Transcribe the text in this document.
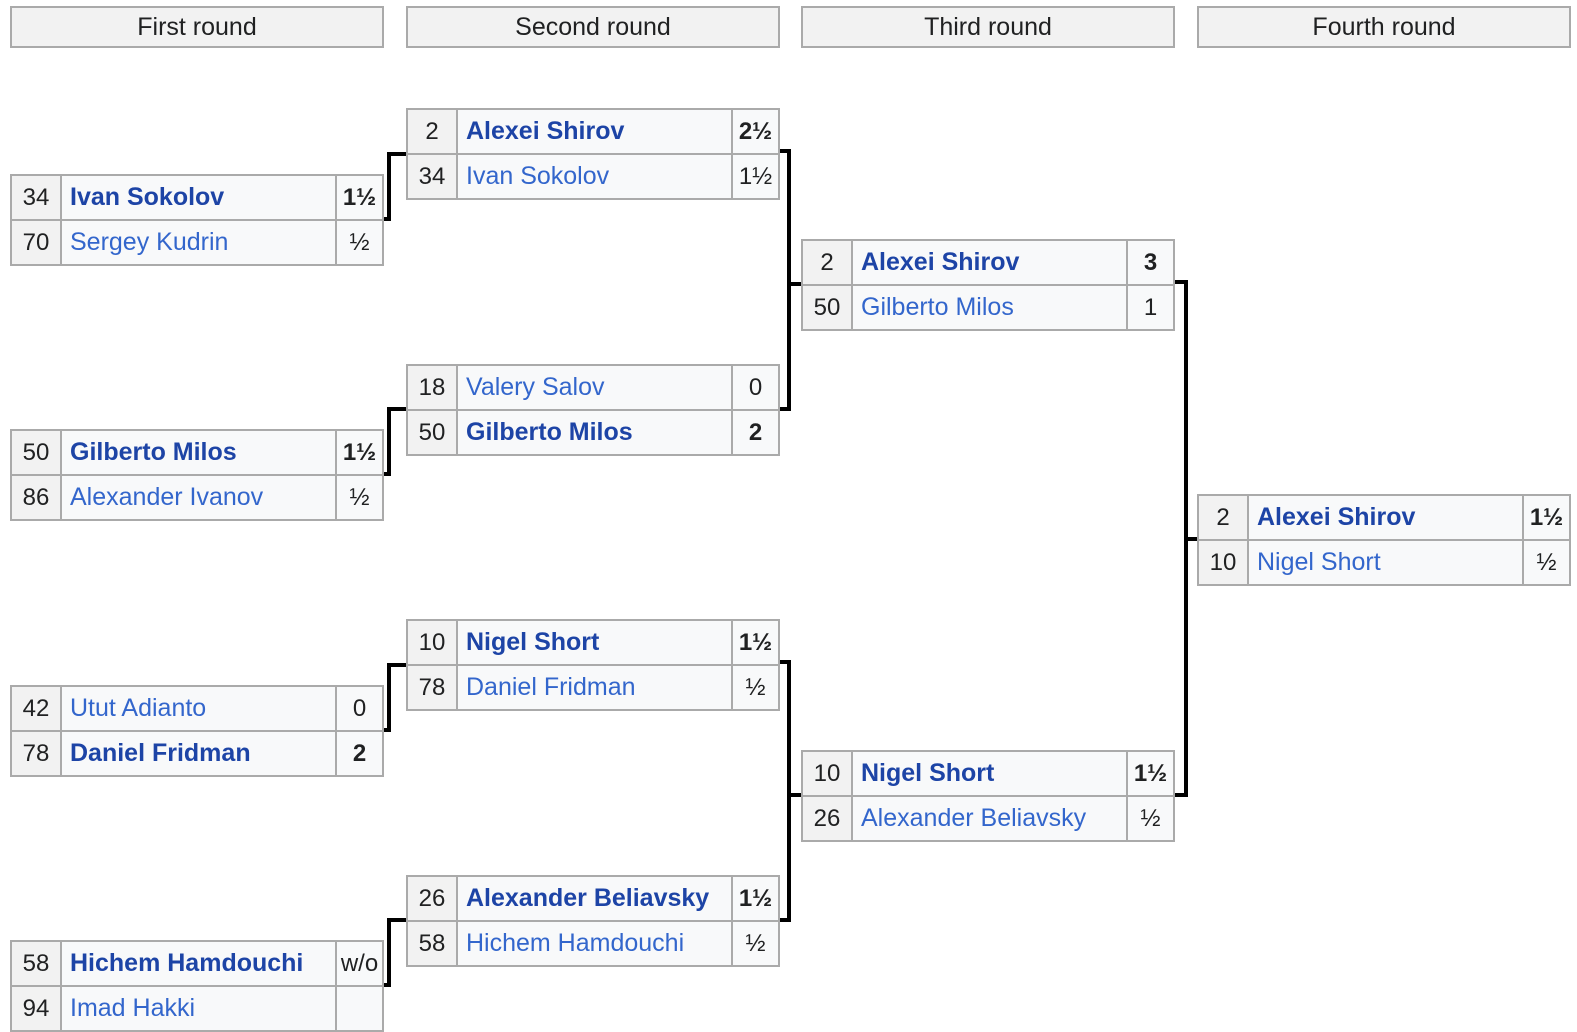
First round	Second round	Third round	Fourth round
34 Ivan Sokolov	1½
70 Sergey Kudrin	½
50 Gilberto Milos	1½
86 Alexander Ivanov	½
42 Utut Adianto	0
78 Daniel Fridman	2
58 Hichem Hamdouchi	w/o
94 Imad Hakki
2	Alexei Shirov	2½
34 Ivan Sokolov	1½
18 Valery Salov	0
50 Gilberto Milos	2
10 Nigel Short	1½
78 Daniel Fridman	½
26 Alexander Beliavsky	1½
58 Hichem Hamdouchi	½
2	Alexei Shirov	3
50 Gilberto Milos	1
10 Nigel Short	1½
26 Alexander Beliavsky	½
2	Alexei Shirov	1½
10 Nigel Short	½
